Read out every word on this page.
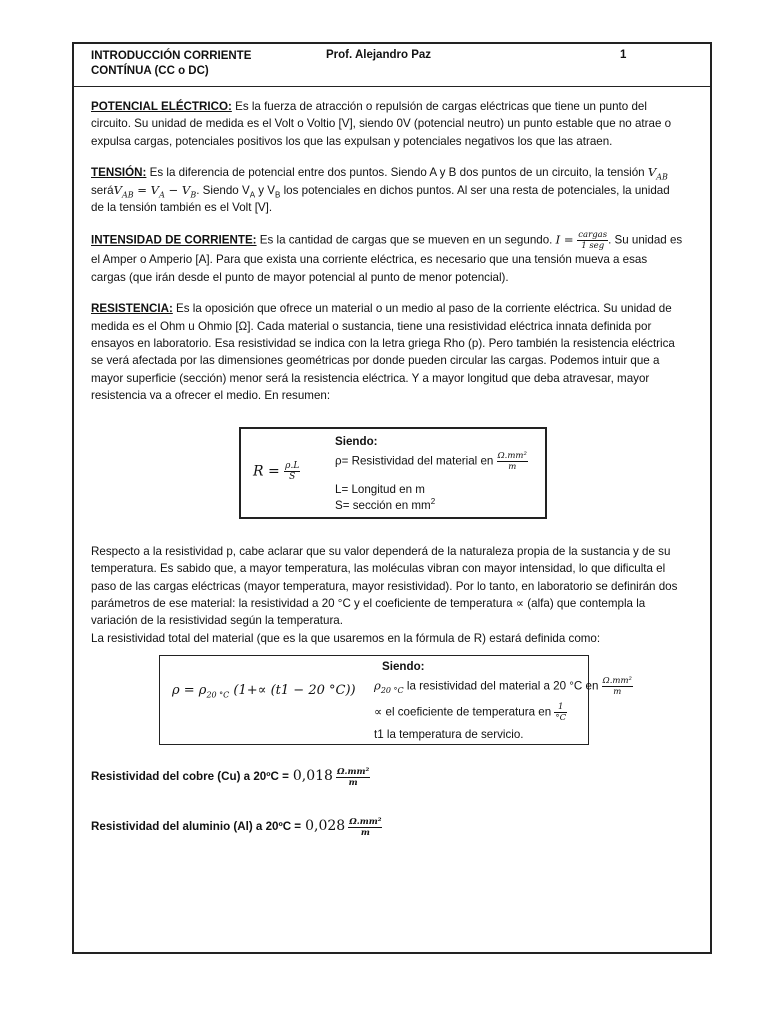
INTRODUCCIÓN CORRIENTE
CONTÍNUA (CC o DC)
Prof. Alejandro Paz	1

POTENCIAL ELÉCTRICO: Es la fuerza de atracción o repulsión de cargas eléctricas que tiene un punto del circuito. Su unidad de medida es el Volt o Voltio [V], siendo 0V (potencial neutro) un punto estable que no atrae o expulsa cargas, potenciales positivos los que las expulsan y potenciales negativos los que las atraen.

TENSIÓN: Es la diferencia de potencial entre dos puntos. Siendo A y B dos puntos de un circuito, la tensión $V_{AB}$ seráV$_{AB}$ = $V_A - V_B$. Siendo $V_A$ y $V_B$ los potenciales en dichos puntos. Al ser una resta de potenciales, la unidad de la tensión también es el Volt [V].

INTENSIDAD DE CORRIENTE: Es la cantidad de cargas que se mueven en un segundo. $I = \frac{\text{cargas}}{\text{1 seg}}$ . Su unidad es el Amper o Amperio [A]. Para que exista una corriente eléctrica, es necesario que una tensión mueva a esas cargas (que irán desde el punto de mayor potencial al punto de menor potencial).

RESISTENCIA: Es la oposición que ofrece un material o un medio al paso de la corriente eléctrica. Su unidad de medida es el Ohm u Ohmio [Ω]. Cada material o sustancia, tiene una resistividad eléctrica innata definida por ensayos en laboratorio. Esa resistividad se indica con la letra griega Rho (p). Pero también la resistencia eléctrica se verá afectada por las dimensiones geométricas por donde pueden circular las cargas. Podemos intuir que a mayor superficie (sección) menor será la resistencia eléctrica. Y a mayor longitud que deba atravesar, mayor resistencia va a ofrecer el medio. En resumen:

$R = \frac{\rho.L}{S}$
Siendo:
ρ= Resistividad del material en $\frac{\text{Ω.mm²}}{m}$
L= Longitud en m
S= sección en $mm^2$

Respecto a la resistividad p, cabe aclarar que su valor dependerá de la naturaleza propia de la sustancia y de su temperatura. Es sabido que, a mayor temperatura, las moléculas vibran con mayor intensidad, lo que dificulta el paso de las cargas eléctricas (mayor temperatura, mayor resistividad). Por lo tanto, en laboratorio se definirán dos parámetros de ese material: la resistividad a 20 °C y el coeficiente de temperatura ∝ (alfa) que contempla la variación de la resistividad según la temperatura.
La resistividad total del material (que es la que usaremos en la fórmula de R) estará definida como:

$\rho = \rho_{20 ^\circ C}$ (1+∝ (t1 − 20 °C))
Siendo:
$\rho_{20 ^\circ C}$ la resistividad del material a 20 °C en $\frac{\text{Ω.mm²}}{m}$
∝ el coeficiente de temperatura en $\frac{1}{^\circ C}$
t1 la temperatura de servicio.
Resistividad del cobre (Cu) a 20ºC = $0,018 \frac{\text{Ω.mm²}}{m}$
Resistividad del aluminio (Al) a 20ºC = $0,028 \frac{\text{Ω.mm²}}{m}$
